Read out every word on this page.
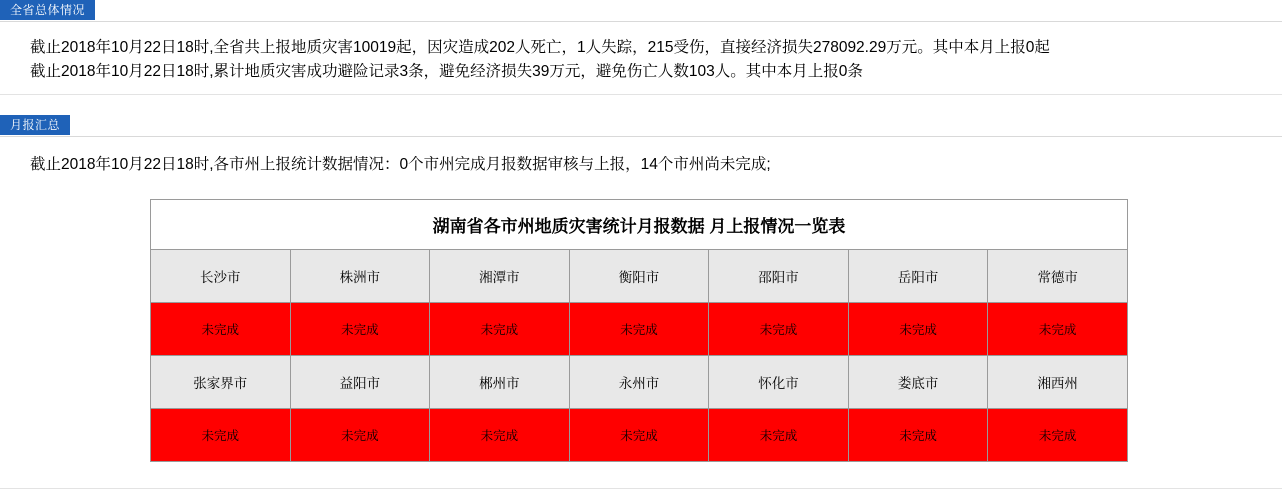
全省总体情况
截止2018年10月22日18时,全省共上报地质灾害10019起，因灾造成202人死亡，1人失踪，215受伤，直接经济损失278092.29万元。其中本月上报0起
截止2018年10月22日18时,累计地质灾害成功避险记录3条，避免经济损失39万元，避免伤亡人数103人。其中本月上报0条
月报汇总
截止2018年10月22日18时,各市州上报统计数据情况：0个市州完成月报数据审核与上报，14个市州尚未完成;
湖南省各市州地质灾害统计月报数据 月上报情况一览表						
长沙市	株洲市	湘潭市	衡阳市	邵阳市	岳阳市	常德市
未完成	未完成	未完成	未完成	未完成	未完成	未完成
张家界市	益阳市	郴州市	永州市	怀化市	娄底市	湘西州
未完成	未完成	未完成	未完成	未完成	未完成	未完成
